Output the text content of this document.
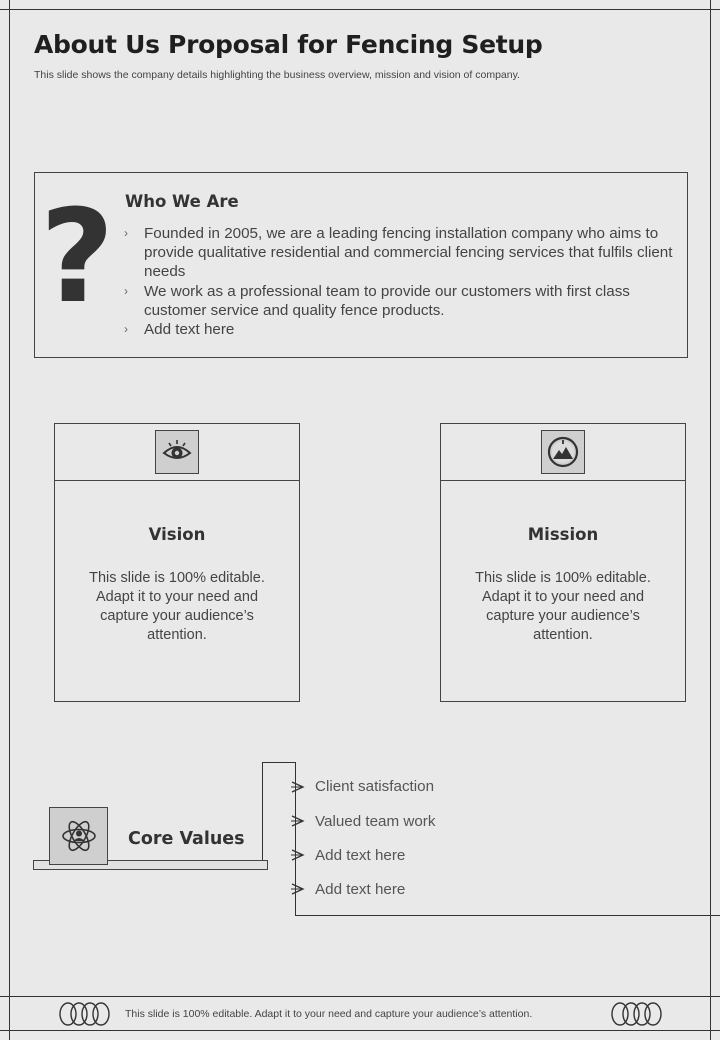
About Us Proposal for Fencing Setup

This slide shows the company details highlighting the business overview, mission and vision of company.

? Who We Are
› Founded in 2005, we are a leading fencing installation company who aims to provide qualitative residential and commercial fencing services that fulfils client needs
› We work as a professional team to provide our customers with first class customer service and quality fence products.
› Add text here
Vision

This slide is 100% editable. Adapt it to your need and capture your audience’s attention.

Mission

This slide is 100% editable. Adapt it to your need and capture your audience’s attention.

Core Values
Client satisfaction
Valued team work
Add text here
Add text here

This slide is 100% editable. Adapt it to your need and capture your audience’s attention.
